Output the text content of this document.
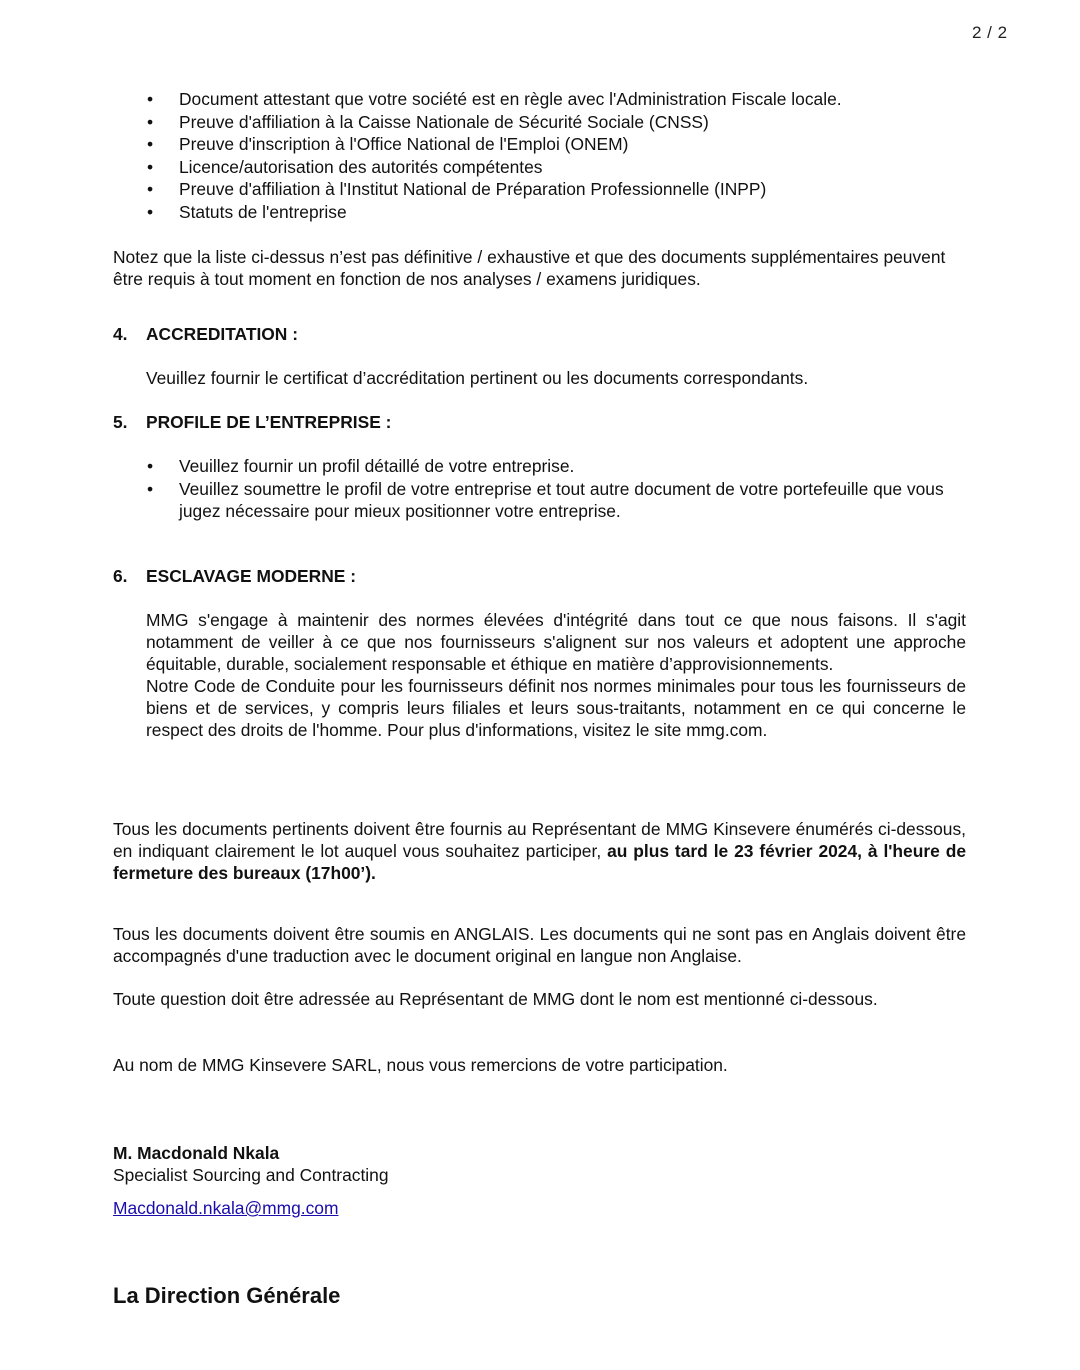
2 / 2
• Document attestant que votre société est en règle avec l'Administration Fiscale locale.
• Preuve d'affiliation à la Caisse Nationale de Sécurité Sociale (CNSS)
• Preuve d'inscription à l'Office National de l'Emploi (ONEM)
• Licence/autorisation des autorités compétentes
• Preuve d'affiliation à l'Institut National de Préparation Professionnelle (INPP)
• Statuts de l'entreprise
Notez que la liste ci-dessus n’est pas définitive / exhaustive et que des documents supplémentaires peuvent être requis à tout moment en fonction de nos analyses / examens juridiques.
4. ACCREDITATION :
Veuillez fournir le certificat d’accréditation pertinent ou les documents correspondants.
5. PROFILE DE L’ENTREPRISE :
• Veuillez fournir un profil détaillé de votre entreprise.
• Veuillez soumettre le profil de votre entreprise et tout autre document de votre portefeuille que vous jugez nécessaire pour mieux positionner votre entreprise.
6. ESCLAVAGE MODERNE :
MMG s'engage à maintenir des normes élevées d'intégrité dans tout ce que nous faisons. Il s'agit notamment de veiller à ce que nos fournisseurs s'alignent sur nos valeurs et adoptent une approche équitable, durable, socialement responsable et éthique en matière d’approvisionnements.
Notre Code de Conduite pour les fournisseurs définit nos normes minimales pour tous les fournisseurs de biens et de services, y compris leurs filiales et leurs sous-traitants, notamment en ce qui concerne le respect des droits de l'homme. Pour plus d'informations, visitez le site mmg.com.
Tous les documents pertinents doivent être fournis au Représentant de MMG Kinsevere énumérés ci-dessous, en indiquant clairement le lot auquel vous souhaitez participer, au plus tard le 23 février 2024, à l'heure de fermeture des bureaux (17h00’).
Tous les documents doivent être soumis en ANGLAIS. Les documents qui ne sont pas en Anglais doivent être accompagnés d'une traduction avec le document original en langue non Anglaise.
Toute question doit être adressée au Représentant de MMG dont le nom est mentionné ci-dessous.
Au nom de MMG Kinsevere SARL, nous vous remercions de votre participation.
M. Macdonald Nkala
Specialist Sourcing and Contracting
Macdonald.nkala@mmg.com
La Direction Générale
